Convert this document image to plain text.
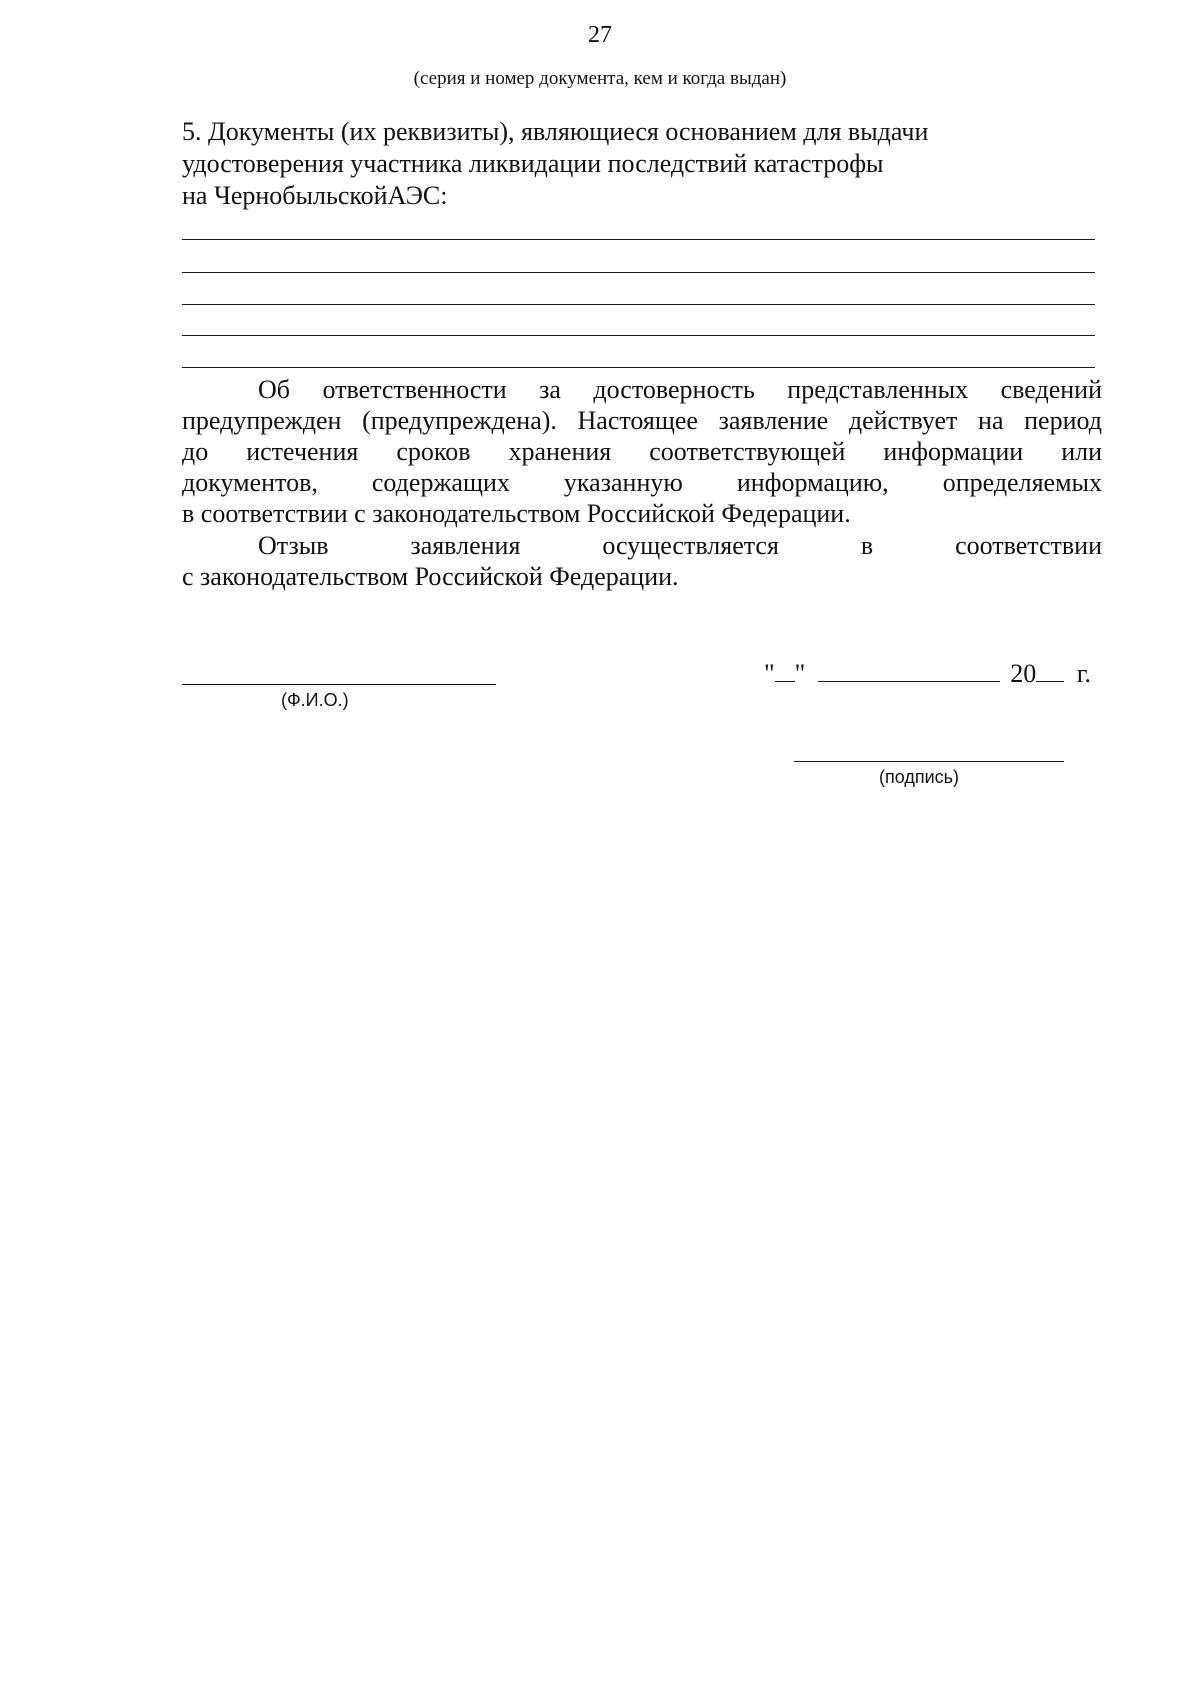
27
(серия и номер документа, кем и когда выдан)
5. Документы (их реквизиты), являющиеся основанием для выдачи
удостоверения участника ликвидации последствий катастрофы
на ЧернобыльскойАЭС:
Об ответственности за достоверность представленных сведений
предупрежден (предупреждена). Настоящее заявление действует на период
до истечения сроков хранения соответствующей информации или
документов, содержащих указанную информацию, определяемых
в соответствии с законодательством Российской Федерации.
Отзыв заявления осуществляется в соответствии
с законодательством Российской Федерации.
(Ф.И.О.)
" "	20 г.
(подпись)
